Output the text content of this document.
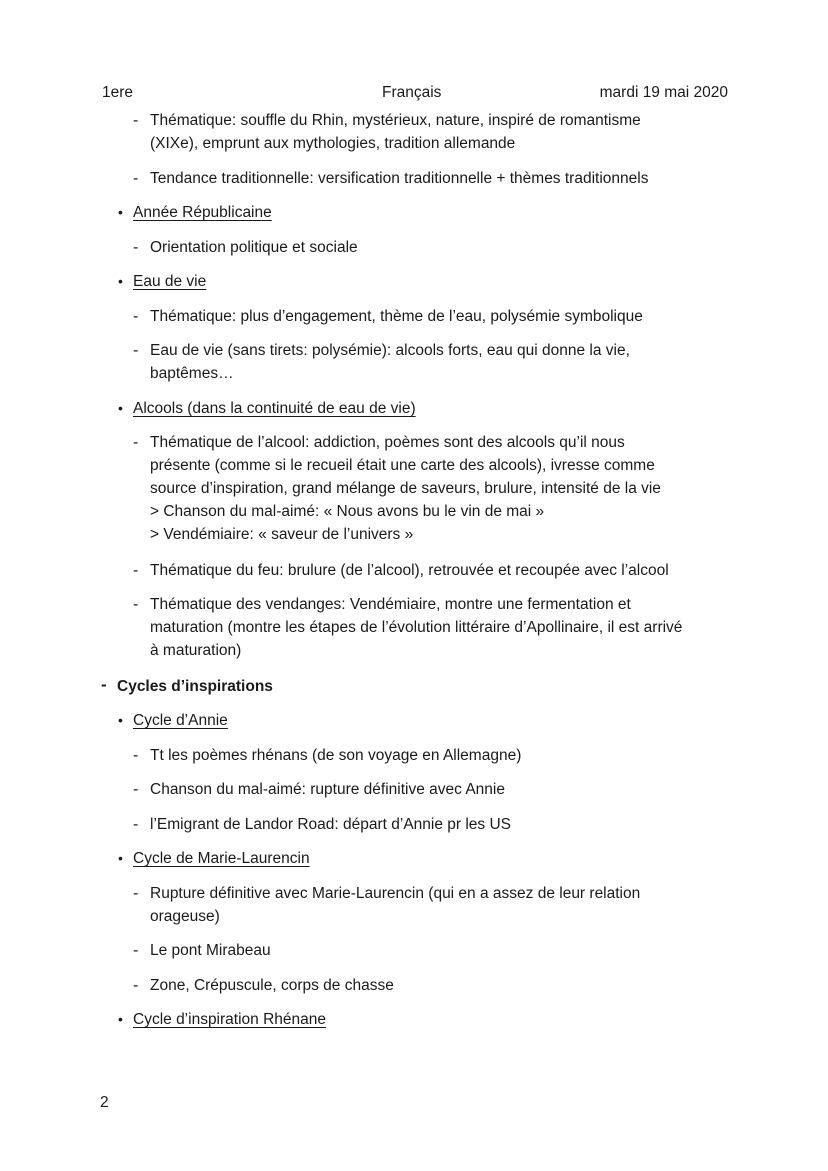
1ere	Français	mardi 19 mai 2020
- Thématique: souffle du Rhin, mystérieux, nature, inspiré de romantisme
(XIXe), emprunt aux mythologies, tradition allemande
- Tendance traditionnelle: versification traditionnelle + thèmes traditionnels
• Année Républicaine
- Orientation politique et sociale
• Eau de vie
- Thématique: plus d’engagement, thème de l’eau, polysémie symbolique
- Eau de vie (sans tirets: polysémie): alcools forts, eau qui donne la vie,
baptêmes…
• Alcools (dans la continuité de eau de vie)
- Thématique de l’alcool: addiction, poèmes sont des alcools qu’il nous
présente (comme si le recueil était une carte des alcools), ivresse comme
source d’inspiration, grand mélange de saveurs, brulure, intensité de la vie
> Chanson du mal-aimé: « Nous avons bu le vin de mai »
> Vendémiaire: « saveur de l’univers »
- Thématique du feu: brulure (de l’alcool), retrouvée et recoupée avec l’alcool
- Thématique des vendanges: Vendémiaire, montre une fermentation et
maturation (montre les étapes de l’évolution littéraire d’Apollinaire, il est arrivé
à maturation)
- Cycles d’inspirations
• Cycle d’Annie
- Tt les poèmes rhénans (de son voyage en Allemagne)
- Chanson du mal-aimé: rupture définitive avec Annie
- l’Emigrant de Landor Road: départ d’Annie pr les US
• Cycle de Marie-Laurencin
- Rupture définitive avec Marie-Laurencin (qui en a assez de leur relation
orageuse)
- Le pont Mirabeau
- Zone, Crépuscule, corps de chasse
• Cycle d’inspiration Rhénane
2
